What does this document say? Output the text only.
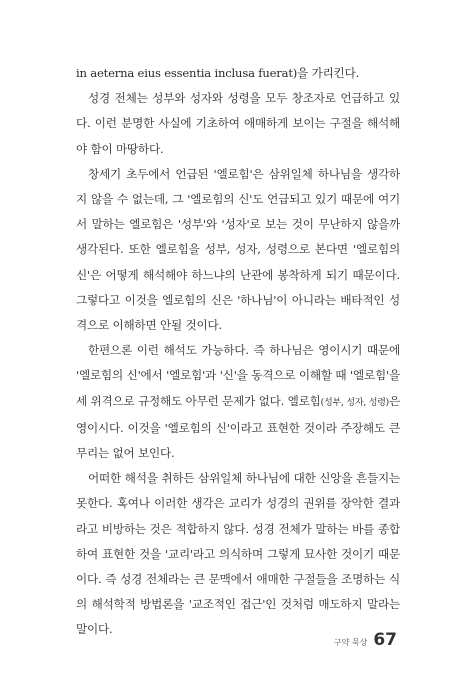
in aeterna eius essentia inclusa fuerat)을 가리킨다.

성경 전체는 성부와 성자와 성령을 모두 창조자로 언급하고 있다. 이런 분명한 사실에 기초하여 애매하게 보이는 구절을 해석해야 함이 마땅하다.

창세기 초두에서 언급된 '엘로힘'은 삼위일체 하나님을 생각하지 않을 수 없는데, 그 '엘로힘의 신'도 언급되고 있기 때문에 여기서 말하는 엘로힘은 '성부'와 '성자'로 보는 것이 무난하지 않을까 생각된다. 또한 엘로힘을 성부, 성자, 성령으로 본다면 '엘로힘의 신'은 어떻게 해석해야 하느냐의 난관에 봉착하게 되기 때문이다. 그렇다고 이것을 엘로힘의 신은 '하나님'이 아니라는 배타적인 성격으로 이해하면 안될 것이다.

한편으론 이런 해석도 가능하다. 즉 하나님은 영이시기 때문에 '엘로힘의 신'에서 '엘로힘'과 '신'을 동격으로 이해할 때 '엘로힘'을 세 위격으로 규정해도 아무런 문제가 없다. 엘로힘(성부, 성자, 성령)은 영이시다. 이것을 '엘로힘의 신'이라고 표현한 것이라 주장해도 큰 무리는 없어 보인다.

어떠한 해석을 취하든 삼위일체 하나님에 대한 신앙을 흔들지는 못한다. 혹여나 이러한 생각은 교리가 성경의 권위를 장악한 결과라고 비방하는 것은 적합하지 않다. 성경 전체가 말하는 바를 종합하여 표현한 것을 '교리'라고 의식하며 그렇게 묘사한 것이기 때문이다. 즉 성경 전체라는 큰 문맥에서 애매한 구절들을 조명하는 식의 해석학적 방법론을 '교조적인 접근'인 것처럼 매도하지 말라는 말이다.

구약 묵상 67
